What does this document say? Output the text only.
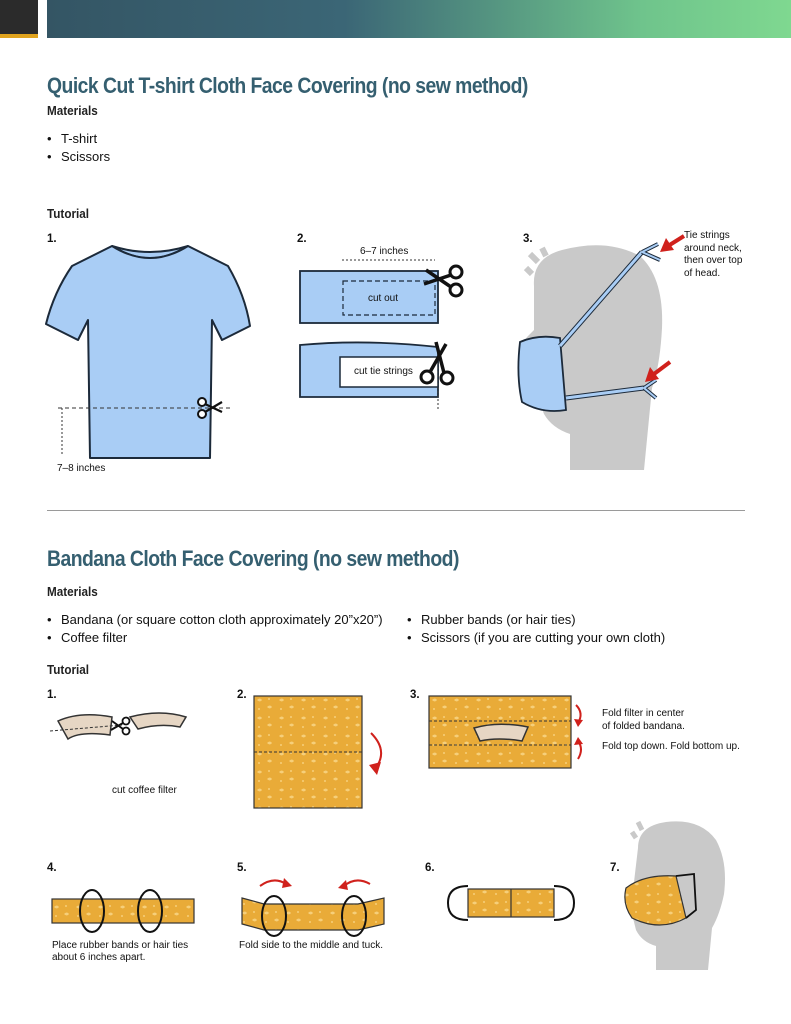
Quick Cut T-shirt Cloth Face Covering (no sew method)
Materials
• T-shirt
• Scissors
Tutorial
1.	2.	3.
7–8 inches
6–7 inches
cut out
cut tie strings
Tie strings
around neck,
then over top
of head.
Bandana Cloth Face Covering (no sew method)
Materials
• Bandana (or square cotton cloth approximately 20”x20”)
• Coffee filter
• Rubber bands (or hair ties)
• Scissors (if you are cutting your own cloth)
Tutorial
1.	2.	3.
4.	5.	6.	7.
cut coffee filter
Fold filter in center
of folded bandana.
Fold top down. Fold bottom up.
Place rubber bands or hair ties
about 6 inches apart.
Fold side to the middle and tuck.
